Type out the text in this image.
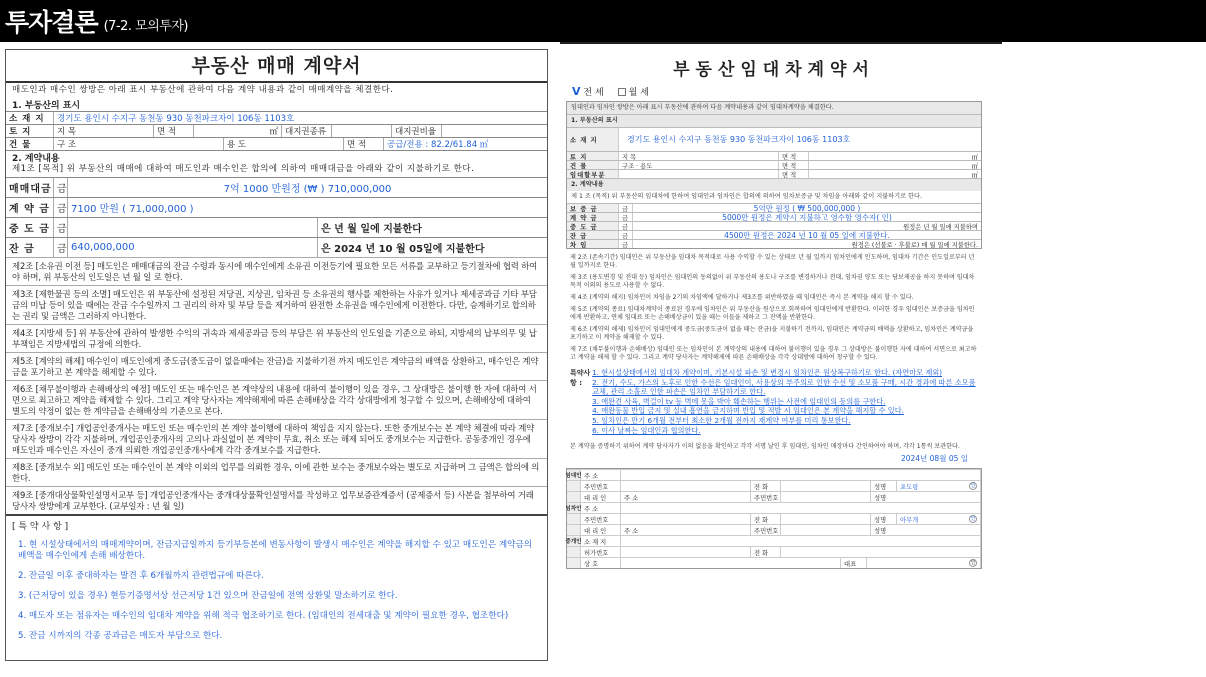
투자결론 (7-2. 모의투자)
부동산 매매 계약서
매도인과 매수인 쌍방은 아래 표시 부동산에 관하여 다음 계약 내용과 같이 매매계약을 체결한다.
1. 부동산의 표시
소 재 지	경기도 용인시 수지구 동천동 930 동천파크자이 106동 1103호
토 지	지 목	면 적	㎡ 대지권종류	대지권비율
건 물	구 조	용 도	면 적	공급/전용 : 82.2/61.84 ㎡
2. 계약내용
제1조 [목적] 위 부동산의 매매에 대하여 매도인과 매수인은 합의에 의하여 매매대금을 아래와 같이 지불하기로 한다.
매매대금 금	7억 1000 만원정 (₩ ) 710,000,000
계 약 금 금 7100 만원 ( 71,000,000 )
중 도 금 금	은 년 월 일에 지불한다
잔 금	금 640,000,000	은 2024 년 10 월 05일에 지불한다
제2조 [소유권 이전 등] 매도인은 매매대금의 잔금 수령과 동시에 매수인에게 소유권 이전등기에 필요한 모든 서류를 교부하고 등기절차에 협력 하여야 하며, 위 부동산의 인도일은 년 월 일 로 한다.
제3조 [제한물권 등의 소멸] 매도인은 위 부동산에 설정된 저당권, 지상권, 임차권 등 소유권의 행사를 제한하는 사유가 있거나 제세공과금 기타 부담금의 미납 등이 있을 때에는 잔금 수수일까지 그 권리의 하자 및 부담 등을 제거하여 완전한 소유권을 매수인에게 이전한다. 다만, 승계하기로 합의하는 권리 및 금액은 그러하지 아니한다.
제4조 [지방세 등] 위 부동산에 관하여 발생한 수익의 귀속과 제세공과금 등의 부담은 위 부동산의 인도일을 기준으로 하되, 지방세의 납부의무 및 납부책임은 지방세법의 규정에 의한다.
제5조 [계약의 해제] 매수인이 매도인에게 중도금(중도금이 없을때에는 잔금)을 지불하기전 까지 매도인은 계약금의 배액을 상환하고, 매수인은 계약금을 포기하고 본 계약을 해제할 수 있다.
제6조 [채무불이행과 손해배상의 예정] 매도인 또는 매수인은 본 계약상의 내용에 대하여 불이행이 있을 경우, 그 상대방은 불이행 한 자에 대하여 서면으로 최고하고 계약을 해제할 수 있다. 그리고 계약 당사자는 계약해제에 따른 손해배상을 각각 상대방에게 청구할 수 있으며, 손해배상에 대하여 별도의 약정이 없는 한 계약금을 손해배상의 기준으로 본다.
제7조 [중개보수] 개업공인중개사는 매도인 또는 매수인의 본 계약 불이행에 대하여 책임을 지지 않는다. 또한 중개보수는 본 계약 체결에 따라 계약 당사자 쌍방이 각각 지불하며, 개업공인중개사의 고의나 과실없이 본 계약이 무효, 취소 또는 해제 되어도 중개보수는 지급한다. 공동중개인 경우에 매도인과 매수인은 자신이 중개 의뢰한 개업공인중개사에게 각각 중개보수를 지급한다.
제8조 [중개보수 외] 매도인 또는 매수인이 본 계약 이외의 업무를 의뢰한 경우, 이에 관한 보수는 중개보수와는 별도로 지급하며 그 금액은 합의에 의한다.
제9조 [중개대상물확인설명서교부 등] 개업공인중개사는 중개대상물확인설명서를 작성하고 업무보증관계증서 (공제증서 등) 사본을 첨부하여 거래당사자 쌍방에게 교부한다. (교부일자 : 년 월 일)
[ 특 약 사 항 ]
1. 현 시설상태에서의 매매계약이며, 잔금지급일까지 등기부등본에 변동사항이 발생시 매수인은 계약을 해지할 수 있고 매도인은 계약금의 배액을 매수인에게 손해 배상한다.
2. 잔금일 이후 중대하자는 발견 후 6개월까지 관련법규에 따른다.
3. (근저당이 있을 경우) 현등기증명서상 선근저당 1건 있으며 잔금일에 전액 상환및 말소하기로 한다.
4. 매도자 또는 점유자는 매수인의 임대차 계약을 위해 적극 협조하기로 한다. (임대인의 전세대출 및 계약이 필요한 경우, 협조한다)
5. 잔금 시까지의 각종 공과금은 매도자 부담으로 한다.
부동산임대차계약서
V 전 세	월 세
임대인과 임차인 쌍방은 아래 표시 부동산에 관하여 다음 계약내용과 같이 임대차계약을 체결한다.
1. 부동산의 표시
소 재 지	경기도 용인시 수지구 동천동 930 동천파크자이 106동 1103호
토 지	지 목	면 적	㎡
건 물	구조 · 용도	면 적	㎡
임대할부분	면 적	㎡
2. 계약내용
제 1 조 (목적) 위 부동산의 임대차에 한하여 임대인과 임차인은 합의에 의하여 임차보증금 및 차임을 아래와 같이 지불하기로 한다.
보 증 금	금	5억만 원정 ( ₩ 500,000,000 )
계 약 금	금	5000만 원정은 계약시 지불하고 영수함 영수자( 인)
중 도 금	금	원정은 년 월 일에 지불하며
잔 금	금	4500만 원정은 2024 년 10 월 05 일에 지불한다.
차 임	금	원정은 (선불로 · 후불로) 매 월 일에 지불한다.
제 2조 (존속기간) 임대인은 위 부동산을 임대차 목적대로 사용 수익할 수 있는 상태로 년 월 일까지 임차인에게 인도하며, 임대차 기간은 인도일로부터 년 월 일까지로 한다.
제 3조 (용도변경 및 전대 등) 임차인은 임대인의 동의없이 위 부동산의 용도나 구조를 변경하거나 전대, 임차권 양도 또는 담보제공을 하지 못하며 임대차 목적 이외의 용도로 사용할 수 없다.
제 4조 (계약의 해지) 임차인이 차임을 2기의 차임액에 달하거나 제3조를 위반하였을 때 임대인은 즉시 본 계약을 해지 할 수 있다.
제 5조 (계약의 종료) 임대차계약이 종료된 경우에 임차인은 위 부동산을 원상으로 회복하여 임대인에게 반환한다. 이러한 경우 임대인은 보증금을 임차인에게 반환하고, 연체 임대료 또는 손해배상금이 있을 때는 이들을 제하고 그 잔액을 반환한다.
제 6조 (계약의 해제) 임차인이 임대인에게 중도금(중도금이 없을 때는 잔금)을 지불하기 전까지, 임대인은 계약금의 배액을 상환하고, 임차인은 계약금을 포기하고 이 계약을 해제할 수 있다.
제 7조 (채무불이행과 손해배상) 임대인 또는 임차인이 본 계약상의 내용에 대하여 불이행이 있을 경우 그 상대방은 불이행한 자에 대하여 서면으로 최고하고 계약을 해제 할 수 있다. 그리고 계약 당사자는 계약해제에 따른 손해배상을 각각 상대방에 대하여 청구할 수 있다.
특약사항 :
1. 현시설상태에서의 임대차 계약이며, 기본시설 파손 및 변경시 임차인은 원상복구하기로 한다. (자연마모 제외)
2. 전기, 수도, 가스의 노후로 인한 수선은 임대인이, 사용상의 부주의로 인한 수선 및 소모품 구매, 시간 경과에 따른 소모품 교체, 관리 소홀로 인한 파손은 임차인 부담하기로 한다.
3. 애완견 사육, 벽걸이 tv 등 벽에 못을 박아 훼손하는 행위는 사전에 임대인의 동의를 구한다.
4. 애완동물 반입 금지 및 실내 흡연을 금지하며 반입 및 적발 시 임대인은 본 계약을 해지할 수 있다.
5. 임차인은 만기 6개월 전부터 최소한 2개월 전까지 재계약 여부를 미리 통보한다.
6. 이사 날짜는 임대인과 협의한다.
본 계약을 증명하기 위하여 계약 당사자가 이의 없음을 확인하고 각각 서명 날인 후 임대인, 임차인 매장마다 간인하여야 하며, 각각 1통씩 보관한다.
2024년 08월 05 일
임대인 주 소
주민번호	전 화	성명	포도링	인
대 리 인	주 소	주민번호	성명
임차인 주 소
주민번호	전 화	성명	아무개	인
대 리 인	주 소	주민번호	성명
중개인 소 재 지
허가번호	전 화
상 호	대표	인
